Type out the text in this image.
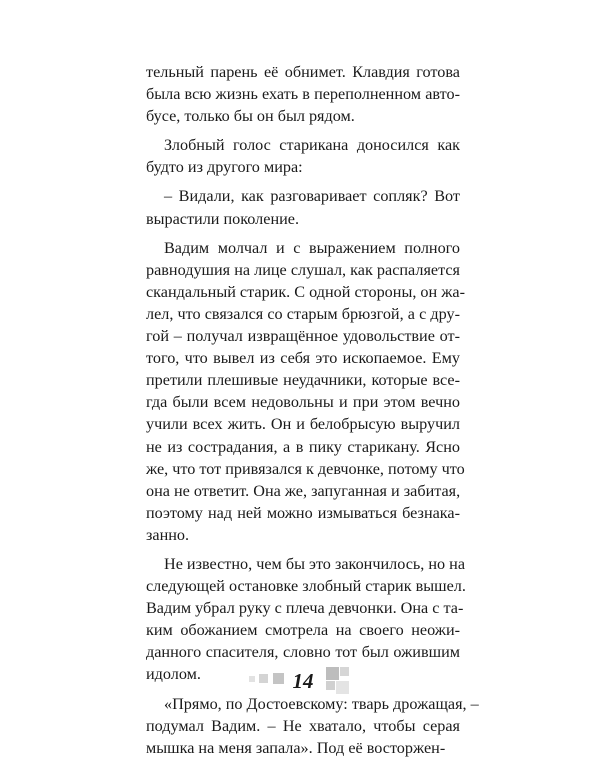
тельный парень её обнимет. Клавдия готова
была всю жизнь ехать в переполненном авто-
бусе, только бы он был рядом.
Злобный голос старикана доносился как
будто из другого мира:
– Видали, как разговаривает сопляк? Вот
вырастили поколение.
Вадим молчал и с выражением полного
равнодушия на лице слушал, как распаляется
скандальный старик. С одной стороны, он жа-
лел, что связался со старым брюзгой, а с дру-
гой – получал извращённое удовольствие от-
того, что вывел из себя это ископаемое. Ему
претили плешивые неудачники, которые все-
гда были всем недовольны и при этом вечно
учили всех жить. Он и белобрысую выручил
не из сострадания, а в пику старикану. Ясно
же, что тот привязался к девчонке, потому что
она не ответит. Она же, запуганная и забитая,
поэтому над ней можно измываться безнака-
занно.
Не известно, чем бы это закончилось, но на
следующей остановке злобный старик вышел.
Вадим убрал руку с плеча девчонки. Она с та-
ким обожанием смотрела на своего неожи-
данного спасителя, словно тот был ожившим
идолом.
«Прямо, по Достоевскому: тварь дрожащая, –
подумал Вадим. – Не хватало, чтобы серая
мышка на меня запала». Под её восторжен-
14
